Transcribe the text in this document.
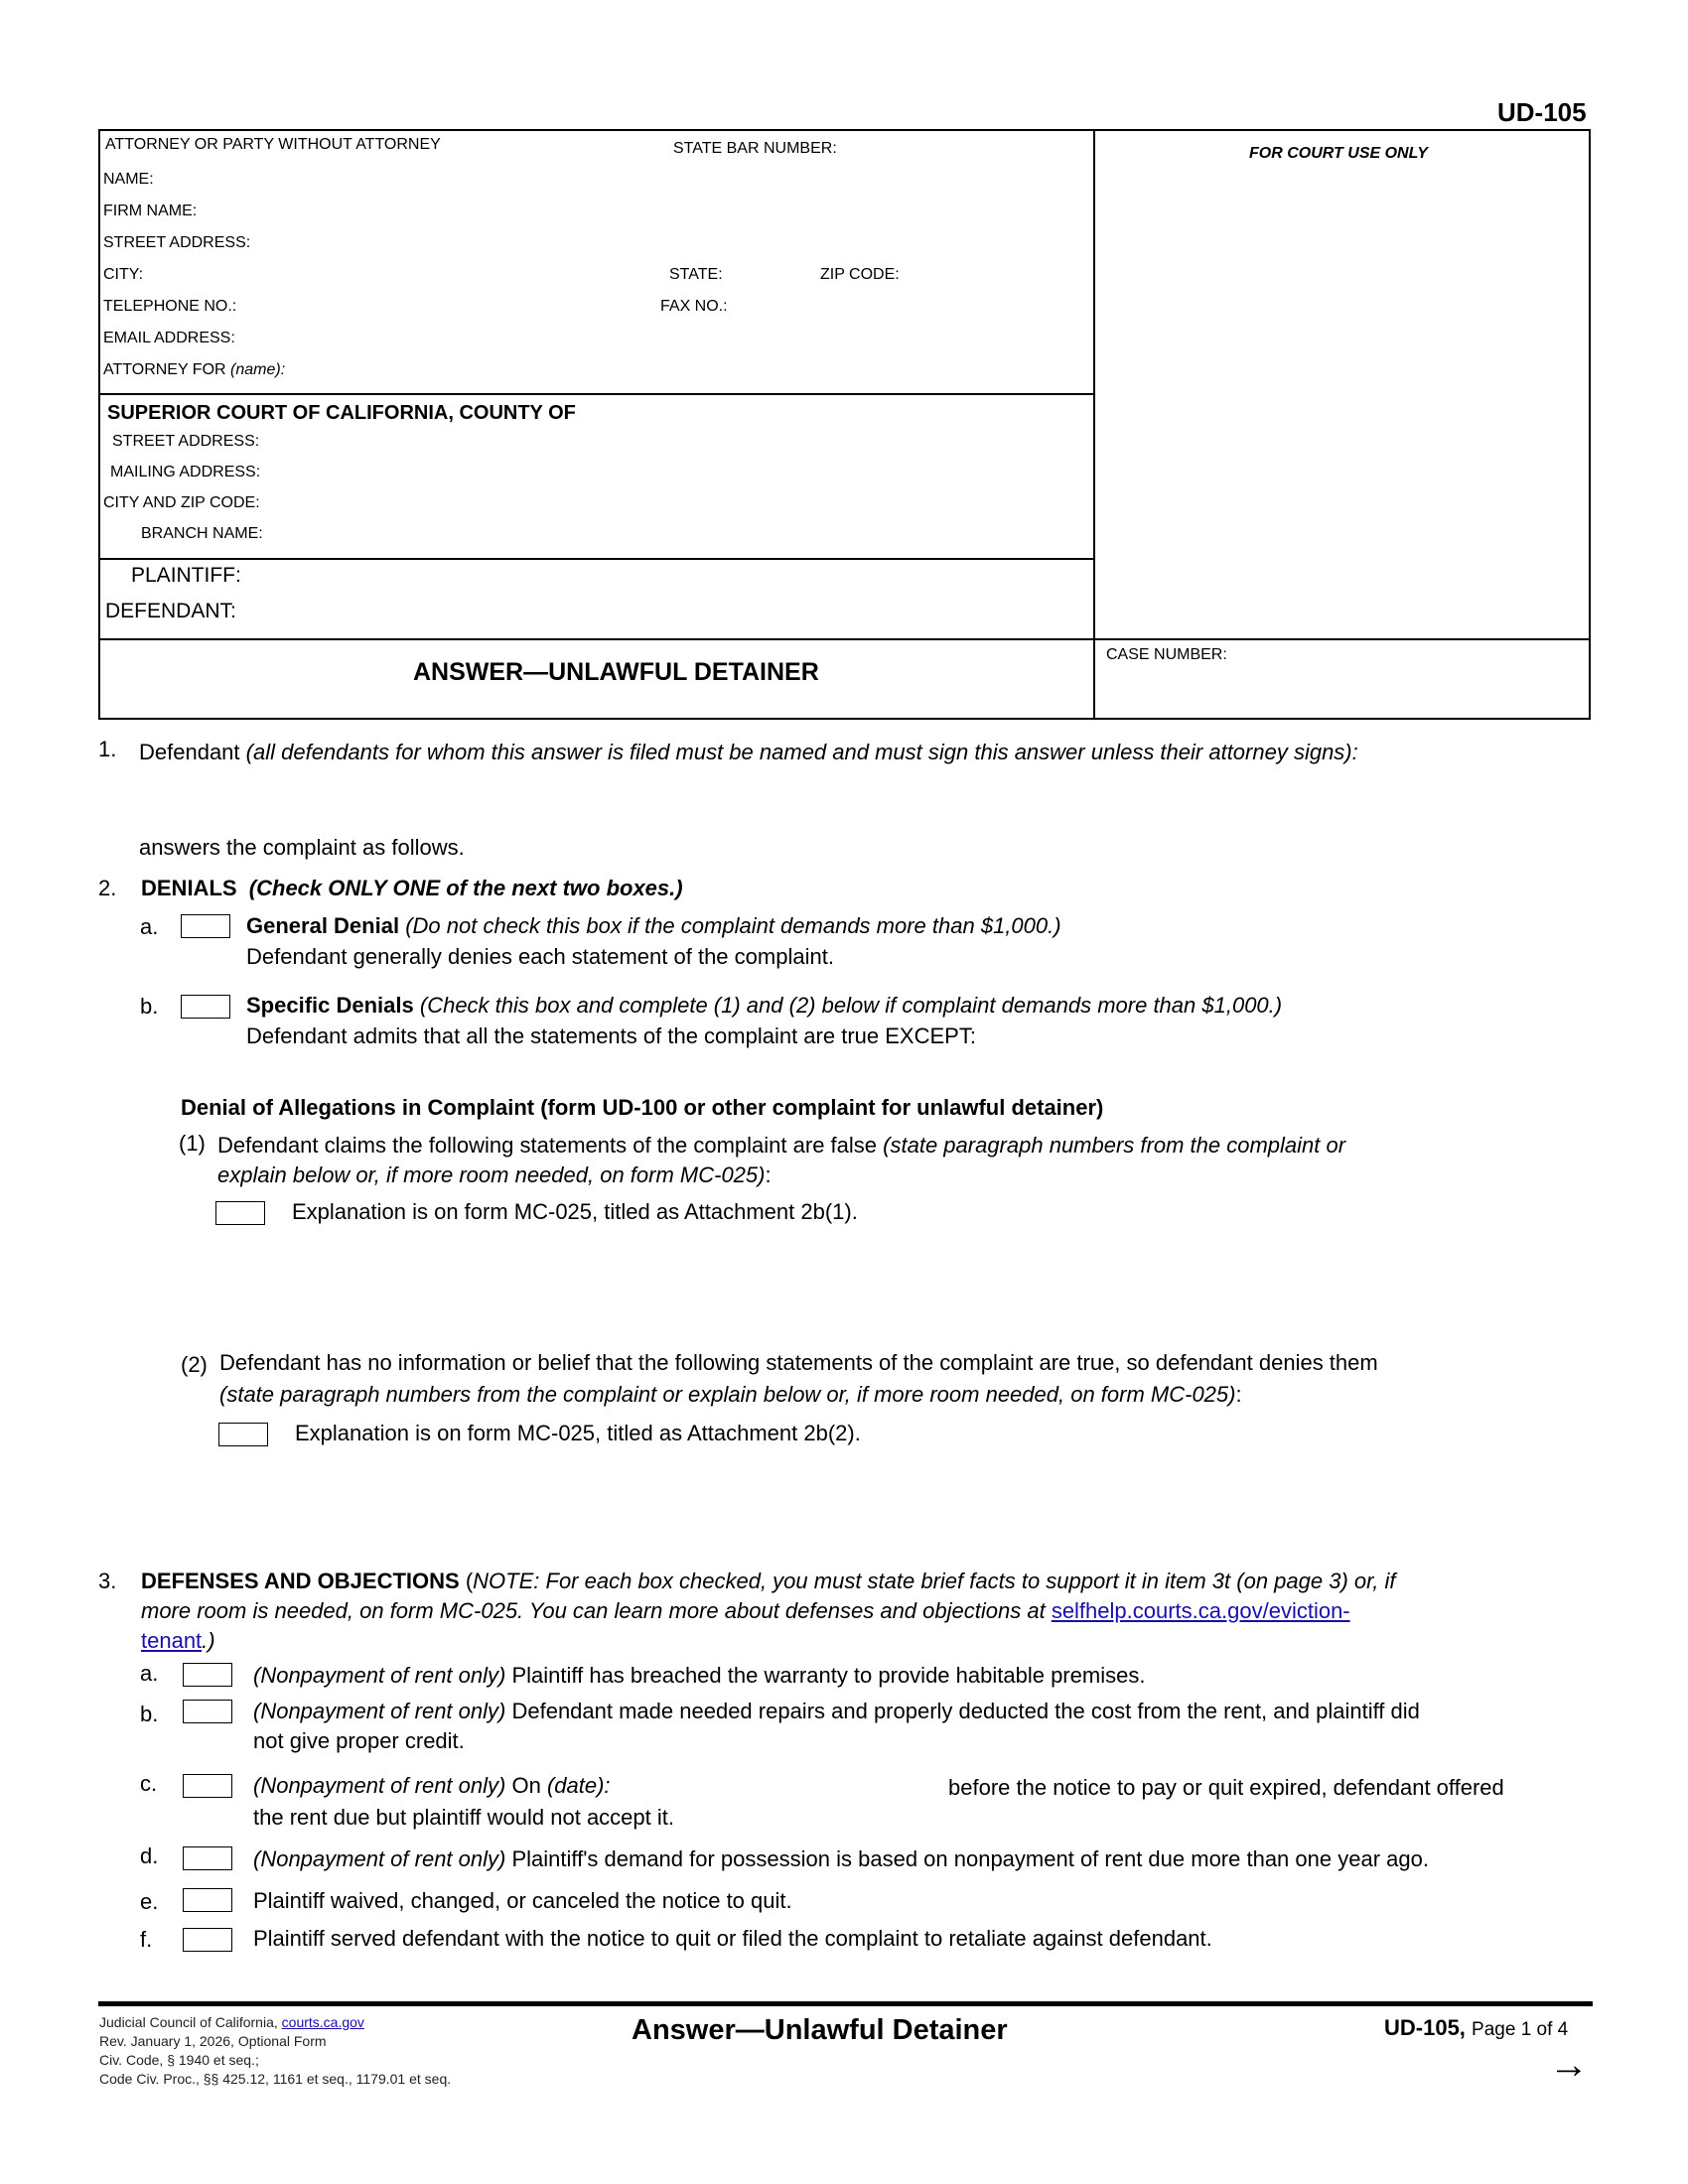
UD-105
ATTORNEY OR PARTY WITHOUT ATTORNEY	STATE BAR NUMBER:
NAME:
FIRM NAME:
STREET ADDRESS:
CITY:	STATE:	ZIP CODE:
TELEPHONE NO.:	FAX NO.:
EMAIL ADDRESS:
ATTORNEY FOR (name):
FOR COURT USE ONLY
SUPERIOR COURT OF CALIFORNIA, COUNTY OF
STREET ADDRESS:
MAILING ADDRESS:
CITY AND ZIP CODE:
BRANCH NAME:
PLAINTIFF:
DEFENDANT:
ANSWER—UNLAWFUL DETAINER
CASE NUMBER:
1. Defendant (all defendants for whom this answer is filed must be named and must sign this answer unless their attorney signs):
answers the complaint as follows.
2. DENIALS (Check ONLY ONE of the next two boxes.)
a.	General Denial (Do not check this box if the complaint demands more than $1,000.)
Defendant generally denies each statement of the complaint.
b.	Specific Denials (Check this box and complete (1) and (2) below if complaint demands more than $1,000.)
Defendant admits that all the statements of the complaint are true EXCEPT:
Denial of Allegations in Complaint (form UD-100 or other complaint for unlawful detainer)
(1) Defendant claims the following statements of the complaint are false (state paragraph numbers from the complaint or
explain below or, if more room needed, on form MC-025):
Explanation is on form MC-025, titled as Attachment 2b(1).
(2) Defendant has no information or belief that the following statements of the complaint are true, so defendant denies them
(state paragraph numbers from the complaint or explain below or, if more room needed, on form MC-025):
Explanation is on form MC-025, titled as Attachment 2b(2).
3. DEFENSES AND OBJECTIONS (NOTE: For each box checked, you must state brief facts to support it in item 3t (on page 3) or, if
more room is needed, on form MC-025. You can learn more about defenses and objections at selfhelp.courts.ca.gov/eviction-
tenant.)
a.	(Nonpayment of rent only) Plaintiff has breached the warranty to provide habitable premises.
b.	(Nonpayment of rent only) Defendant made needed repairs and properly deducted the cost from the rent, and plaintiff did
not give proper credit.
c.	(Nonpayment of rent only) On (date):	before the notice to pay or quit expired, defendant offered
the rent due but plaintiff would not accept it.
d.	(Nonpayment of rent only) Plaintiff's demand for possession is based on nonpayment of rent due more than one year ago.
e.	Plaintiff waived, changed, or canceled the notice to quit.
f.	Plaintiff served defendant with the notice to quit or filed the complaint to retaliate against defendant.
Judicial Council of California, courts.ca.gov
Rev. January 1, 2026, Optional Form
Civ. Code, § 1940 et seq.;
Code Civ. Proc., §§ 425.12, 1161 et seq., 1179.01 et seq.
Answer—Unlawful Detainer	UD-105, Page 1 of 4
→
